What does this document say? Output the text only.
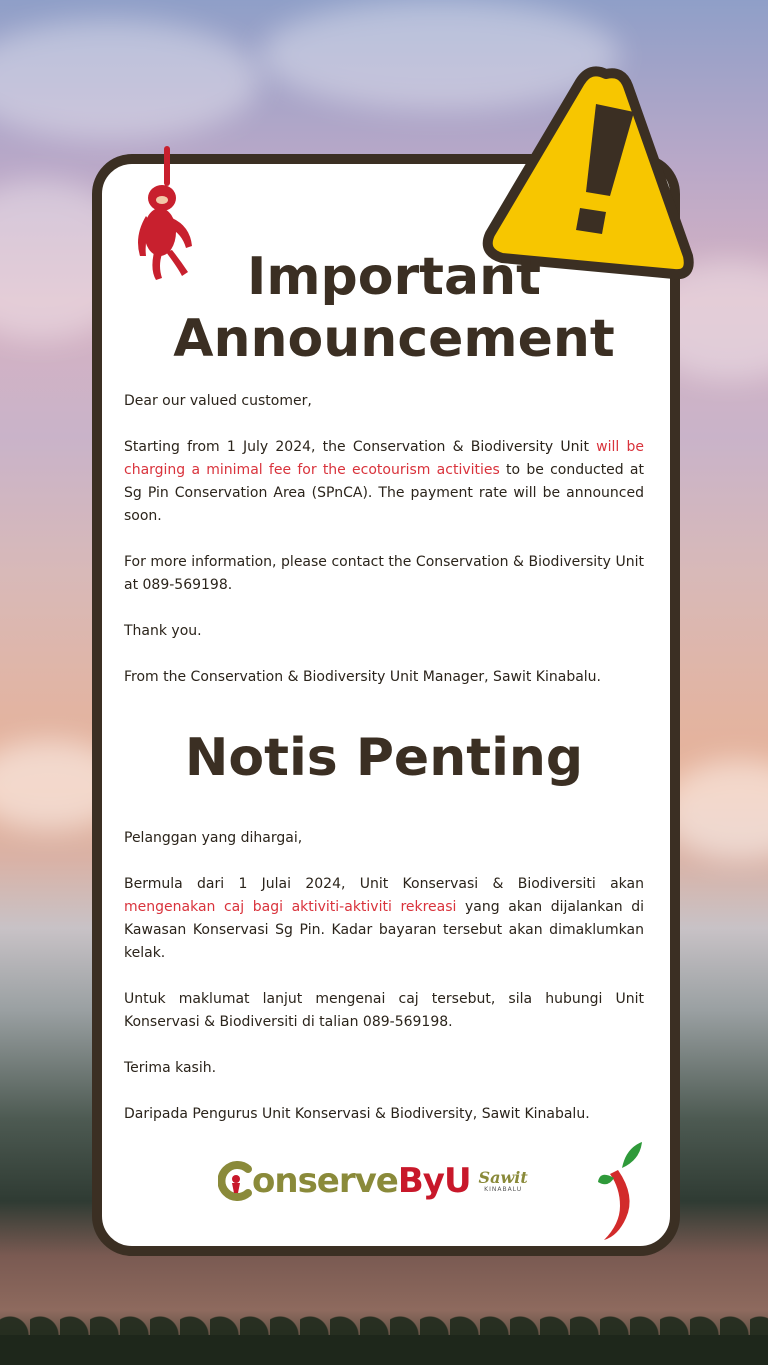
Important
Announcement

Dear our valued customer,

Starting from 1 July 2024, the Conservation & Biodiversity Unit will be charging a minimal fee for the ecotourism activities to be conducted at Sg Pin Conservation Area (SPnCA). The payment rate will be announced soon.

For more information, please contact the Conservation & Biodiversity Unit at 089-569198.

Thank you.

From the Conservation & Biodiversity Unit Manager, Sawit Kinabalu.

Notis Penting

Pelanggan yang dihargai,

Bermula dari 1 Julai 2024, Unit Konservasi & Biodiversiti akan mengenakan caj bagi aktiviti-aktiviti rekreasi yang akan dijalankan di Kawasan Konservasi Sg Pin. Kadar bayaran tersebut akan dimaklumkan kelak.

Untuk maklumat lanjut mengenai caj tersebut, sila hubungi Unit Konservasi & Biodiversiti di talian 089-569198.

Terima kasih.

Daripada Pengurus Unit Konservasi & Biodiversity, Sawit Kinabalu.

onserve ByU Sawit
KINABALU
